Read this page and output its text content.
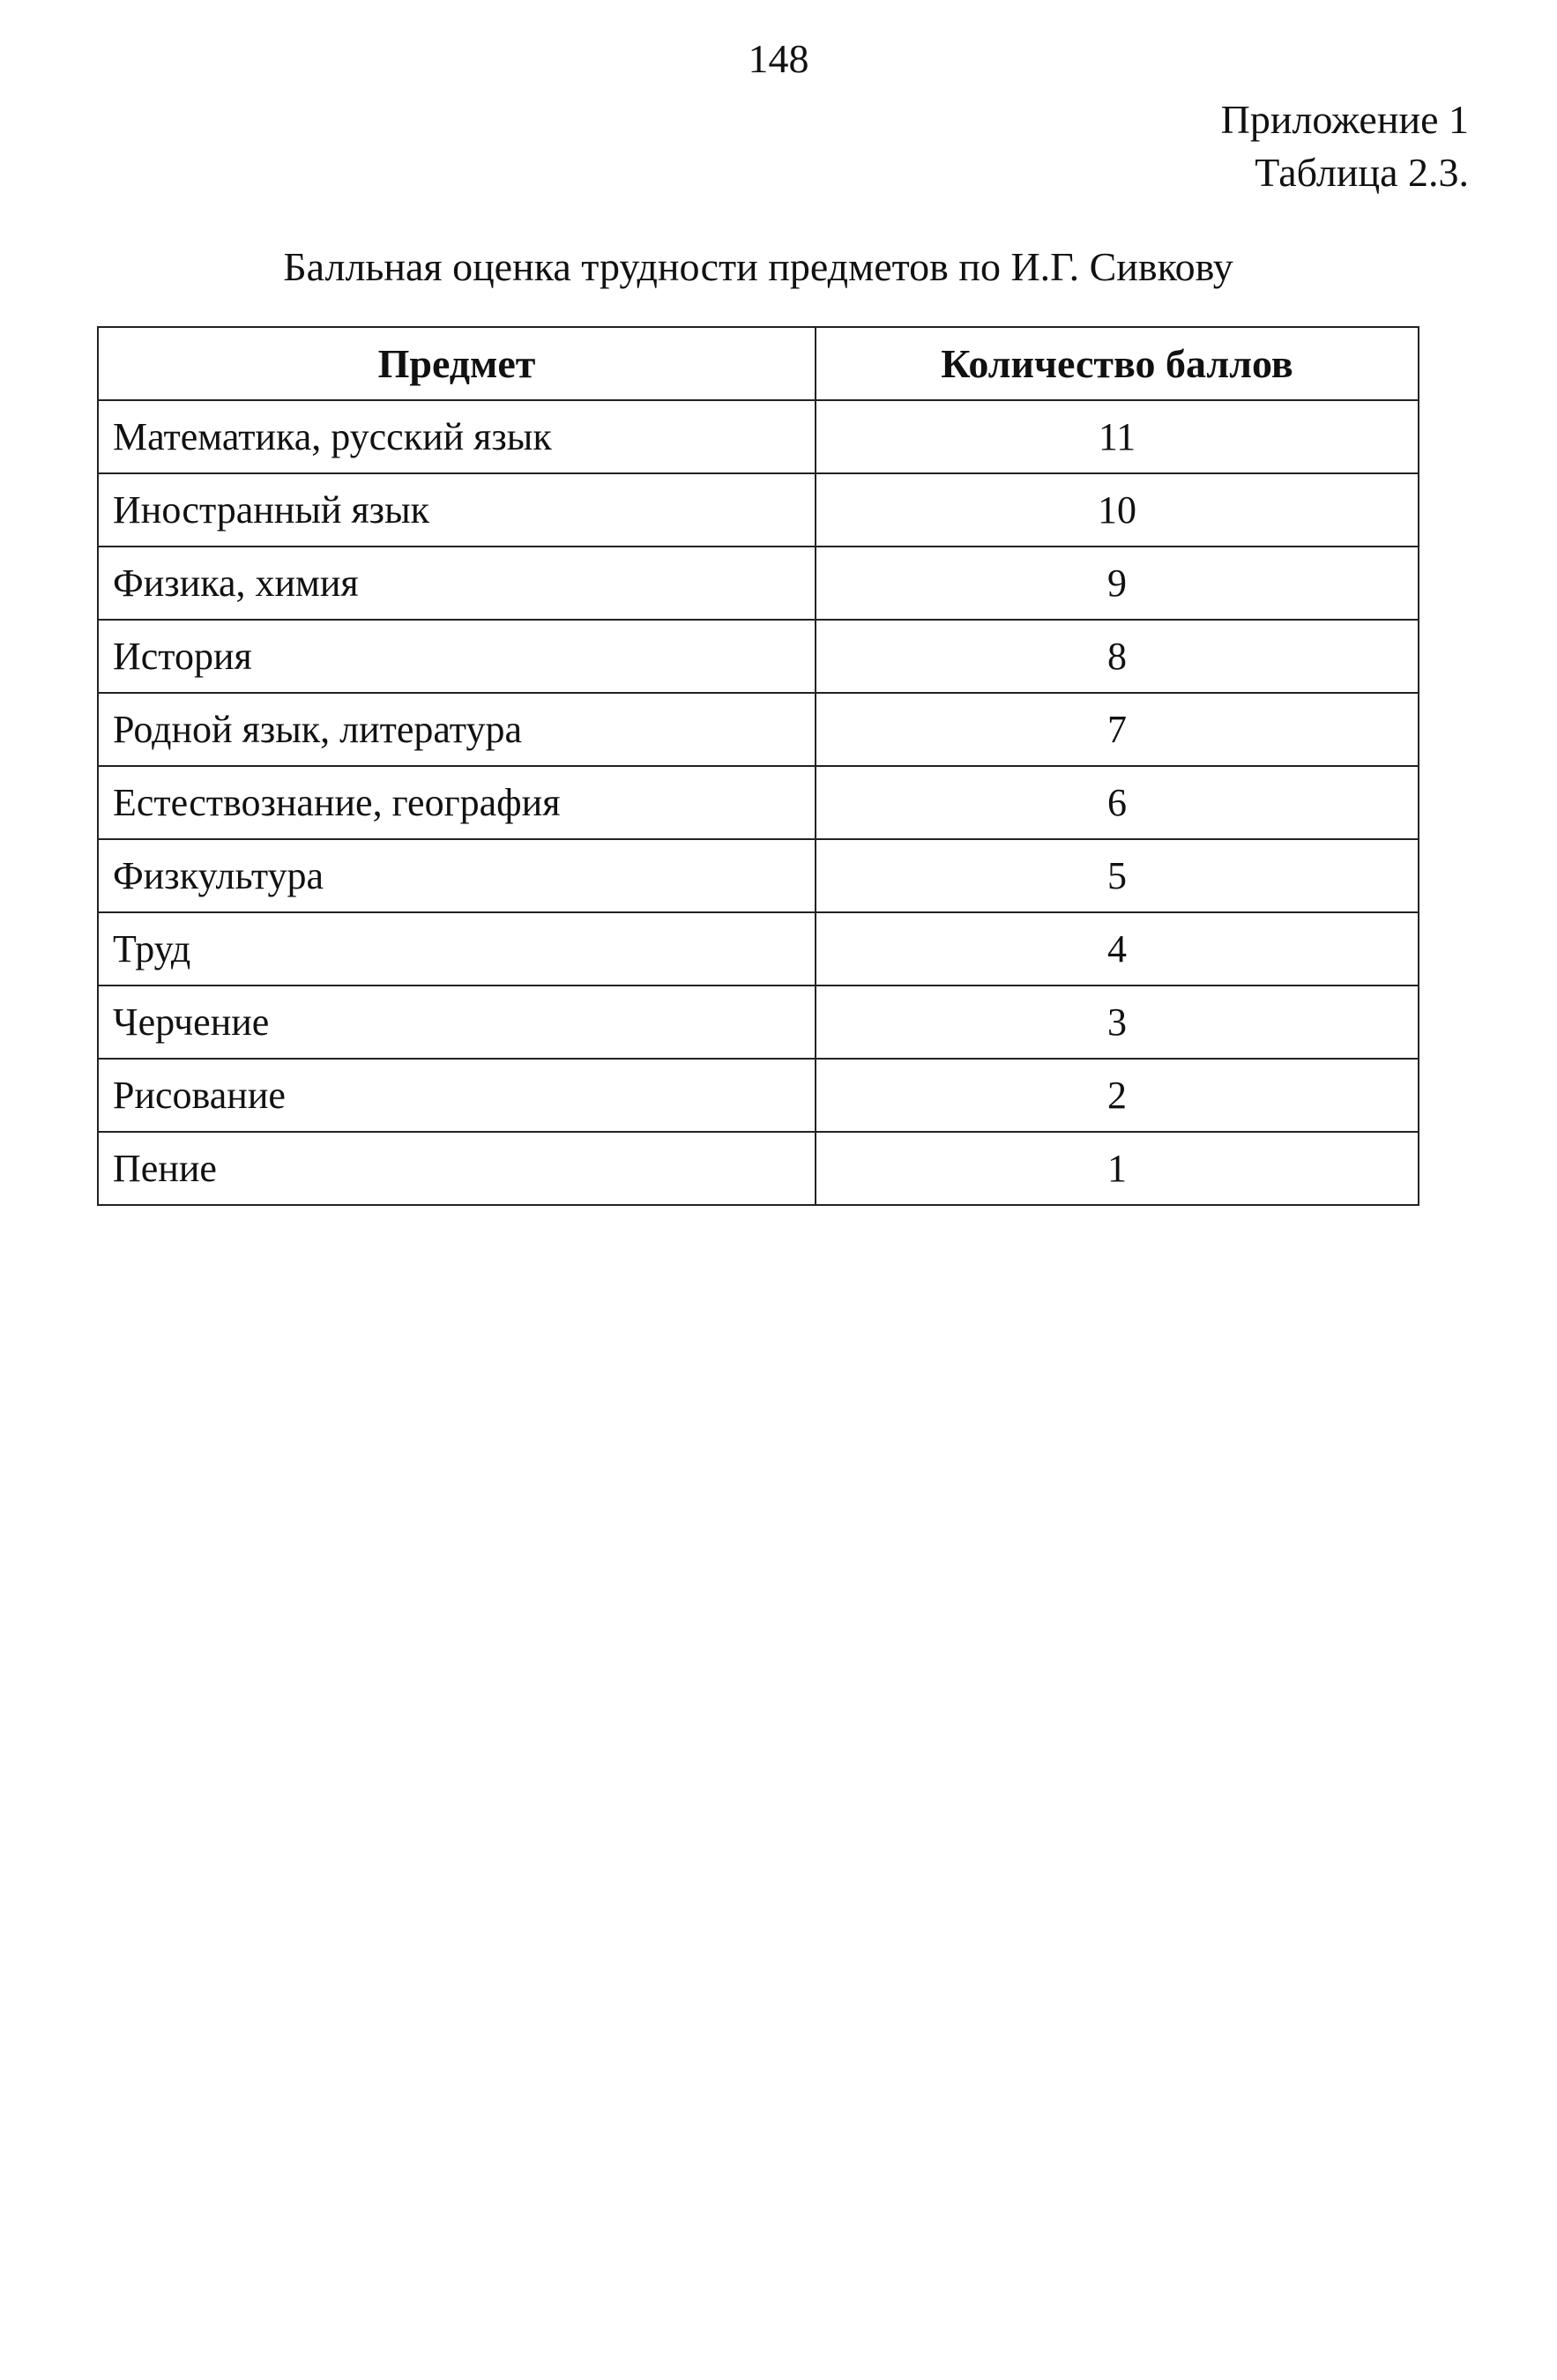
148
Приложение 1
Таблица 2.3.
Балльная оценка трудности предметов по И.Г. Сивкову
Предмет	Количество баллов
Математика, русский язык	11
Иностранный язык	10
Физика, химия	9
История	8
Родной язык, литература	7
Естествознание, география	6
Физкультура	5
Труд	4
Черчение	3
Рисование	2
Пение	1
